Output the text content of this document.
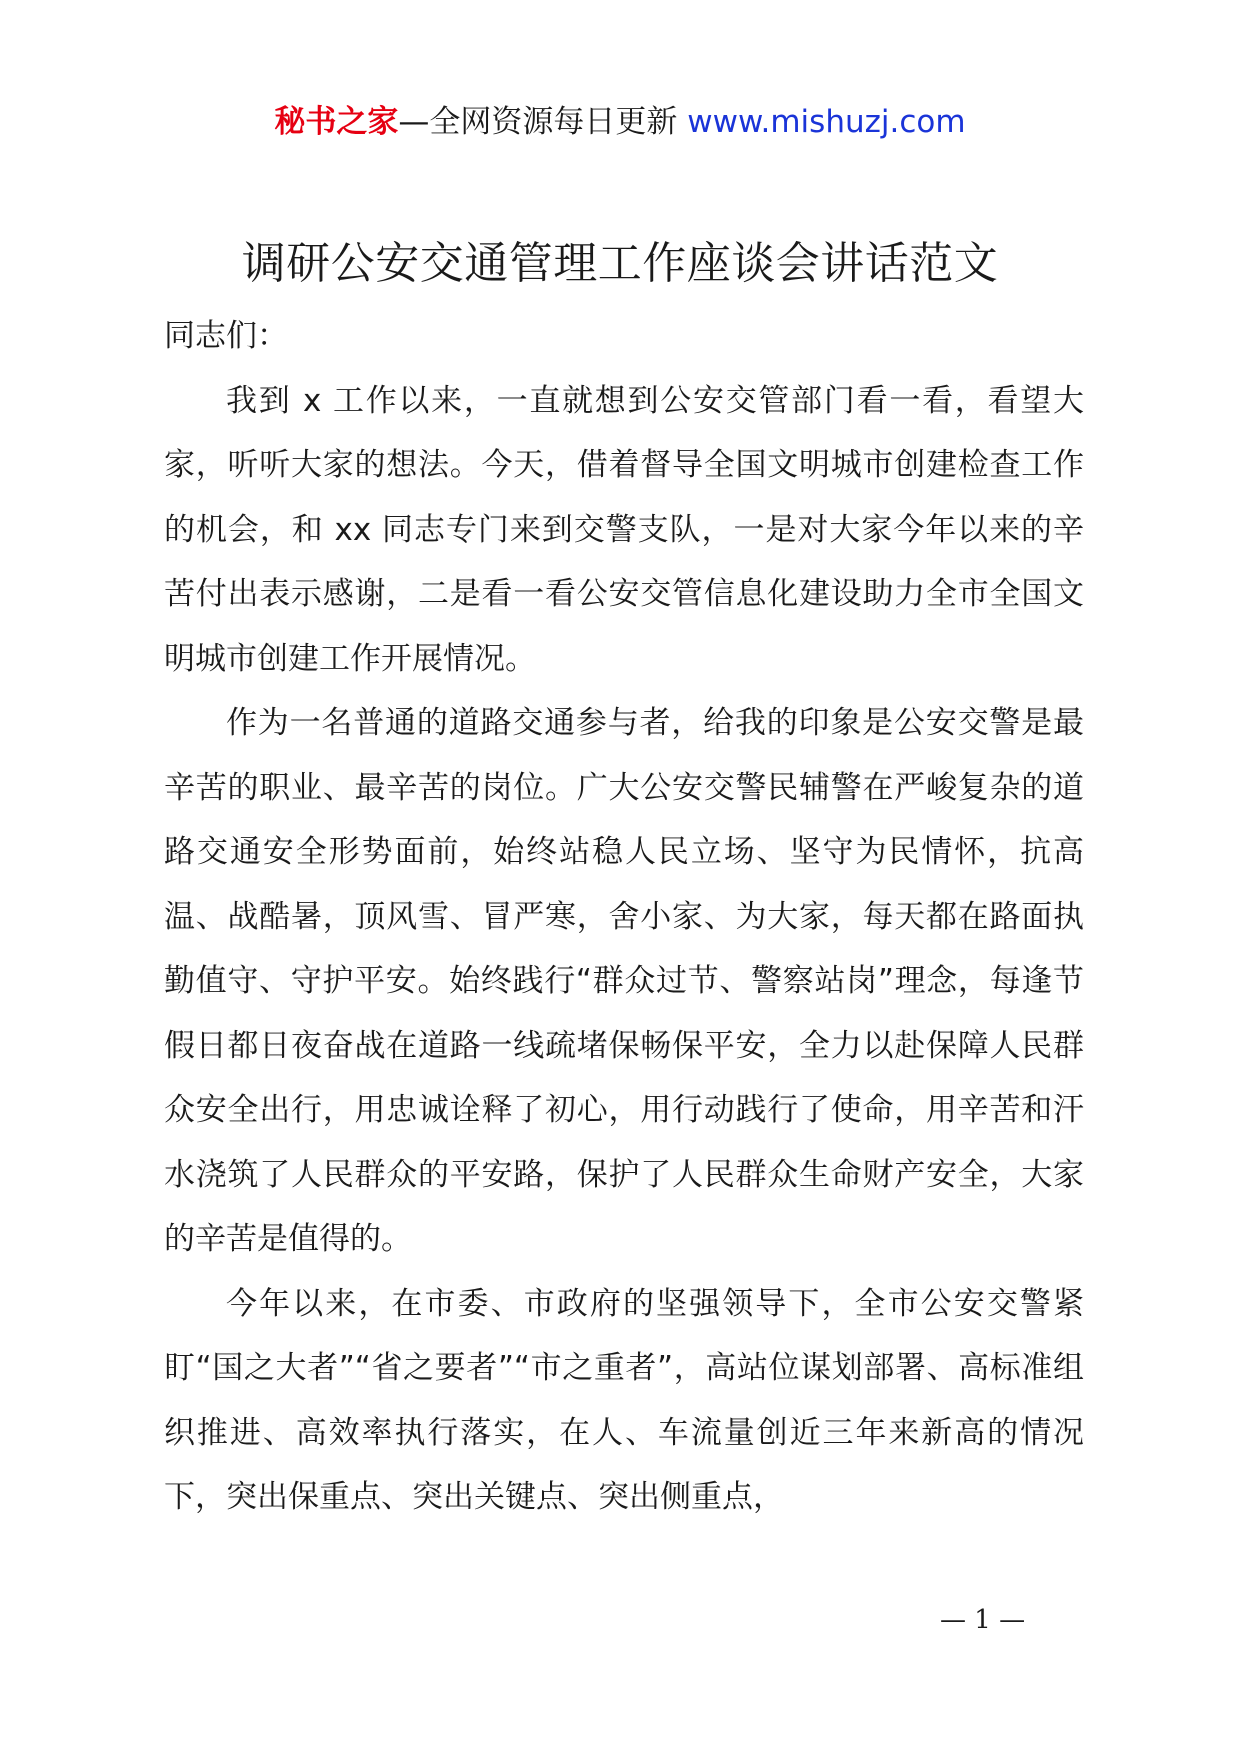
秘书之家—全网资源每日更新 www.mishuzj.com
调研公安交通管理工作座谈会讲话范文

同志们：

我到 x 工作以来，一直就想到公安交管部门看一看，看望大家，听听大家的想法。今天，借着督导全国文明城市创建检查工作的机会，和 xx 同志专门来到交警支队，一是对大家今年以来的辛苦付出表示感谢，二是看一看公安交管信息化建设助力全市全国文明城市创建工作开展情况。

作为一名普通的道路交通参与者，给我的印象是公安交警是最辛苦的职业、最辛苦的岗位。广大公安交警民辅警在严峻复杂的道路交通安全形势面前，始终站稳人民立场、坚守为民情怀，抗高温、战酷暑，顶风雪、冒严寒，舍小家、为大家，每天都在路面执勤值守、守护平安。始终践行“群众过节、警察站岗”理念，每逢节假日都日夜奋战在道路一线疏堵保畅保平安，全力以赴保障人民群众安全出行，用忠诚诠释了初心，用行动践行了使命，用辛苦和汗水浇筑了人民群众的平安路，保护了人民群众生命财产安全，大家的辛苦是值得的。

今年以来，在市委、市政府的坚强领导下，全市公安交警紧盯“国之大者”“省之要者”“市之重者”，高站位谋划部署、高标准组织推进、高效率执行落实，在人、车流量创近三年来新高的情况下，突出保重点、突出关键点、突出侧重点，

— 1 —
